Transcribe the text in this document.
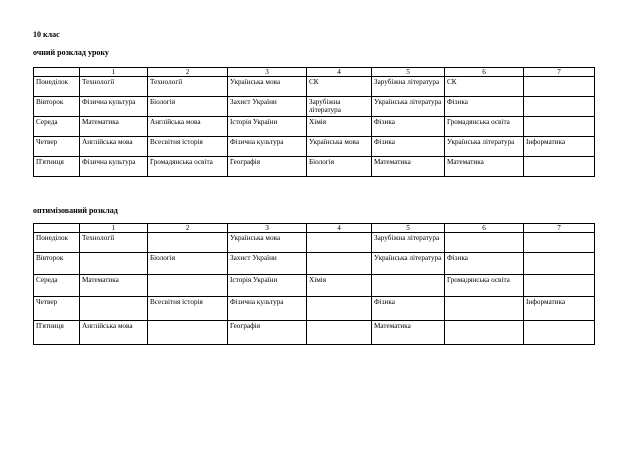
10 клас
очний розклад уроку
	1	2	3	4	5	6	7
Понеділок	Технології	Технології	Українська мова	СК	Зарубіжна література	СК	
Вівторок	Фізична культура	Біологія	Захист України	Зарубіжна література	Українська література	Фізика	
Середа	Математика	Англійська мова	Історія України	Хімія	Фізика	Громадянська освіта	
Четвер	Англійська мова	Всесвітня історія	Фізична культура	Українська мова	Фізика	Українська література	Інформатика
П'ятниця	Фізична культура	Громадянська освіта	Географія	Біологія	Математика	Математика	
оптимізований розклад
	1	2	3	4	5	6	7
Понеділок	Технології		Українська мова		Зарубіжна література		
Вівторок		Біологія	Захист України		Українська література	Фізика	
Середа	Математика		Історія України	Хімія		Громадянська освіта	
Четвер		Всесвітня історія	Фізична культура		Фізика		Інформатика
П'ятниця	Англійська мова		Географія		Математика		
